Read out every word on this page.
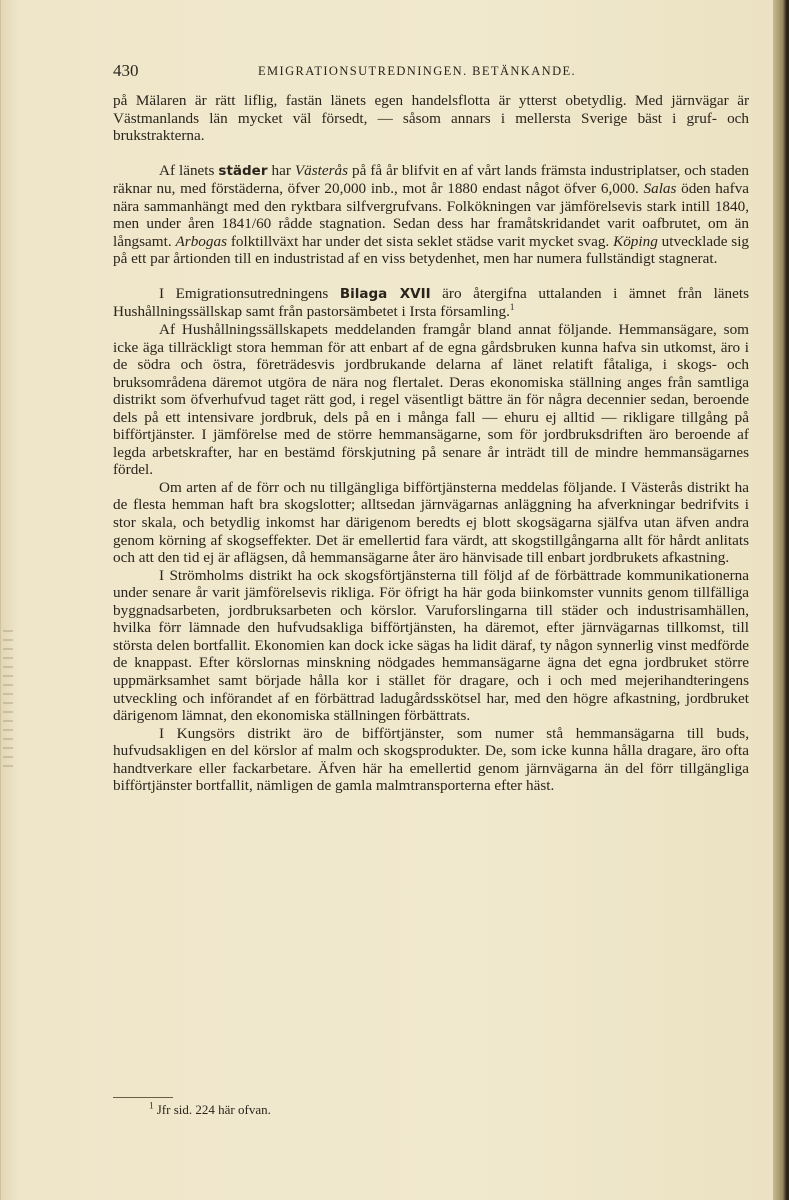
430	EMIGRATIONSUTREDNINGEN. BETÄNKANDE.

på Mälaren är rätt liflig, fastän länets egen handelsflotta är ytterst obetydlig. Med järnvägar är Västmanlands län mycket väl försedt, — såsom annars i mellersta Sverige bäst i gruf- och brukstrakterna.

Af länets städer har Västerås på få år blifvit en af vårt lands främsta industriplatser, och staden räknar nu, med förstäderna, öfver 20,000 inb., mot år 1880 endast något öfver 6,000. Salas öden hafva nära sammanhängt med den ryktbara silfvergrufvans. Folkökningen var jämförelsevis stark intill 1840, men under åren 1841/60 rådde stagnation. Sedan dess har framåtskridandet varit oafbrutet, om än långsamt. Arbogas folktillväxt har under det sista seklet städse varit mycket svag. Köping utvecklade sig på ett par årtionden till en industristad af en viss betydenhet, men har numera fullständigt stagnerat.

I Emigrationsutredningens Bilaga XVII äro återgifna uttalanden i ämnet från länets Hushållningssällskap samt från pastorsämbetet i Irsta församling.$^1$

Af Hushållningssällskapets meddelanden framgår bland annat följande. Hemmansägare, som icke äga tillräckligt stora hemman för att enbart af de egna gårdsbruken kunna hafva sin utkomst, äro i de södra och östra, företrädesvis jordbrukande delarna af länet relatift fåtaliga, i skogs- och bruksområdena däremot utgöra de nära nog flertalet. Deras ekonomiska ställning anges från samtliga distrikt som öfverhufvud taget rätt god, i regel väsentligt bättre än för några decennier sedan, beroende dels på ett intensivare jordbruk, dels på en i många fall — ehuru ej alltid — rikligare tillgång på bifförtjänster. I jämförelse med de större hemmansägarne, som för jordbruksdriften äro beroende af legda arbetskrafter, har en bestämd förskjutning på senare år inträdt till de mindre hemmansägarnes fördel.

Om arten af de förr och nu tillgängliga bifförtjänsterna meddelas följande. I Västerås distrikt ha de flesta hemman haft bra skogslotter; alltsedan järnvägarnas anläggning ha afverkningar bedrifvits i stor skala, och betydlig inkomst har därigenom beredts ej blott skogsägarna själfva utan äfven andra genom körning af skogseffekter. Det är emellertid fara värdt, att skogstillgångarna allt för hårdt anlitats och att den tid ej är aflägsen, då hemmansägarne åter äro hänvisade till enbart jordbrukets afkastning.

I Strömholms distrikt ha ock skogsförtjänsterna till följd af de förbättrade kommunikationerna under senare år varit jämförelsevis rikliga. För öfrigt ha här goda biinkomster vunnits genom tillfälliga byggnadsarbeten, jordbruksarbeten och körslor. Varuforslingarna till städer och industrisamhällen, hvilka förr lämnade den hufvudsakliga bifförtjänsten, ha däremot, efter järnvägarnas tillkomst, till största delen bortfallit. Ekonomien kan dock icke sägas ha lidit däraf, ty någon synnerlig vinst medförde de knappast. Efter körslornas minskning nödgades hemmansägarne ägna det egna jordbruket större uppmärksamhet samt började hålla kor i stället för dragare, och i och med mejerihandteringens utveckling och införandet af en förbättrad ladugårdsskötsel har, med den högre afkastning, jordbruket därigenom lämnat, den ekonomiska ställningen förbättrats.

I Kungsörs distrikt äro de bifförtjänster, som numer stå hemmansägarna till buds, hufvudsakligen en del körslor af malm och skogsprodukter. De, som icke kunna hålla dragare, äro ofta handtverkare eller fackarbetare. Äfven här ha emellertid genom järnvägarna än del förr tillgängliga bifförtjänster bortfallit, nämligen de gamla malmtransporterna efter häst.

$^1$ Jfr sid. 224 här ofvan.
